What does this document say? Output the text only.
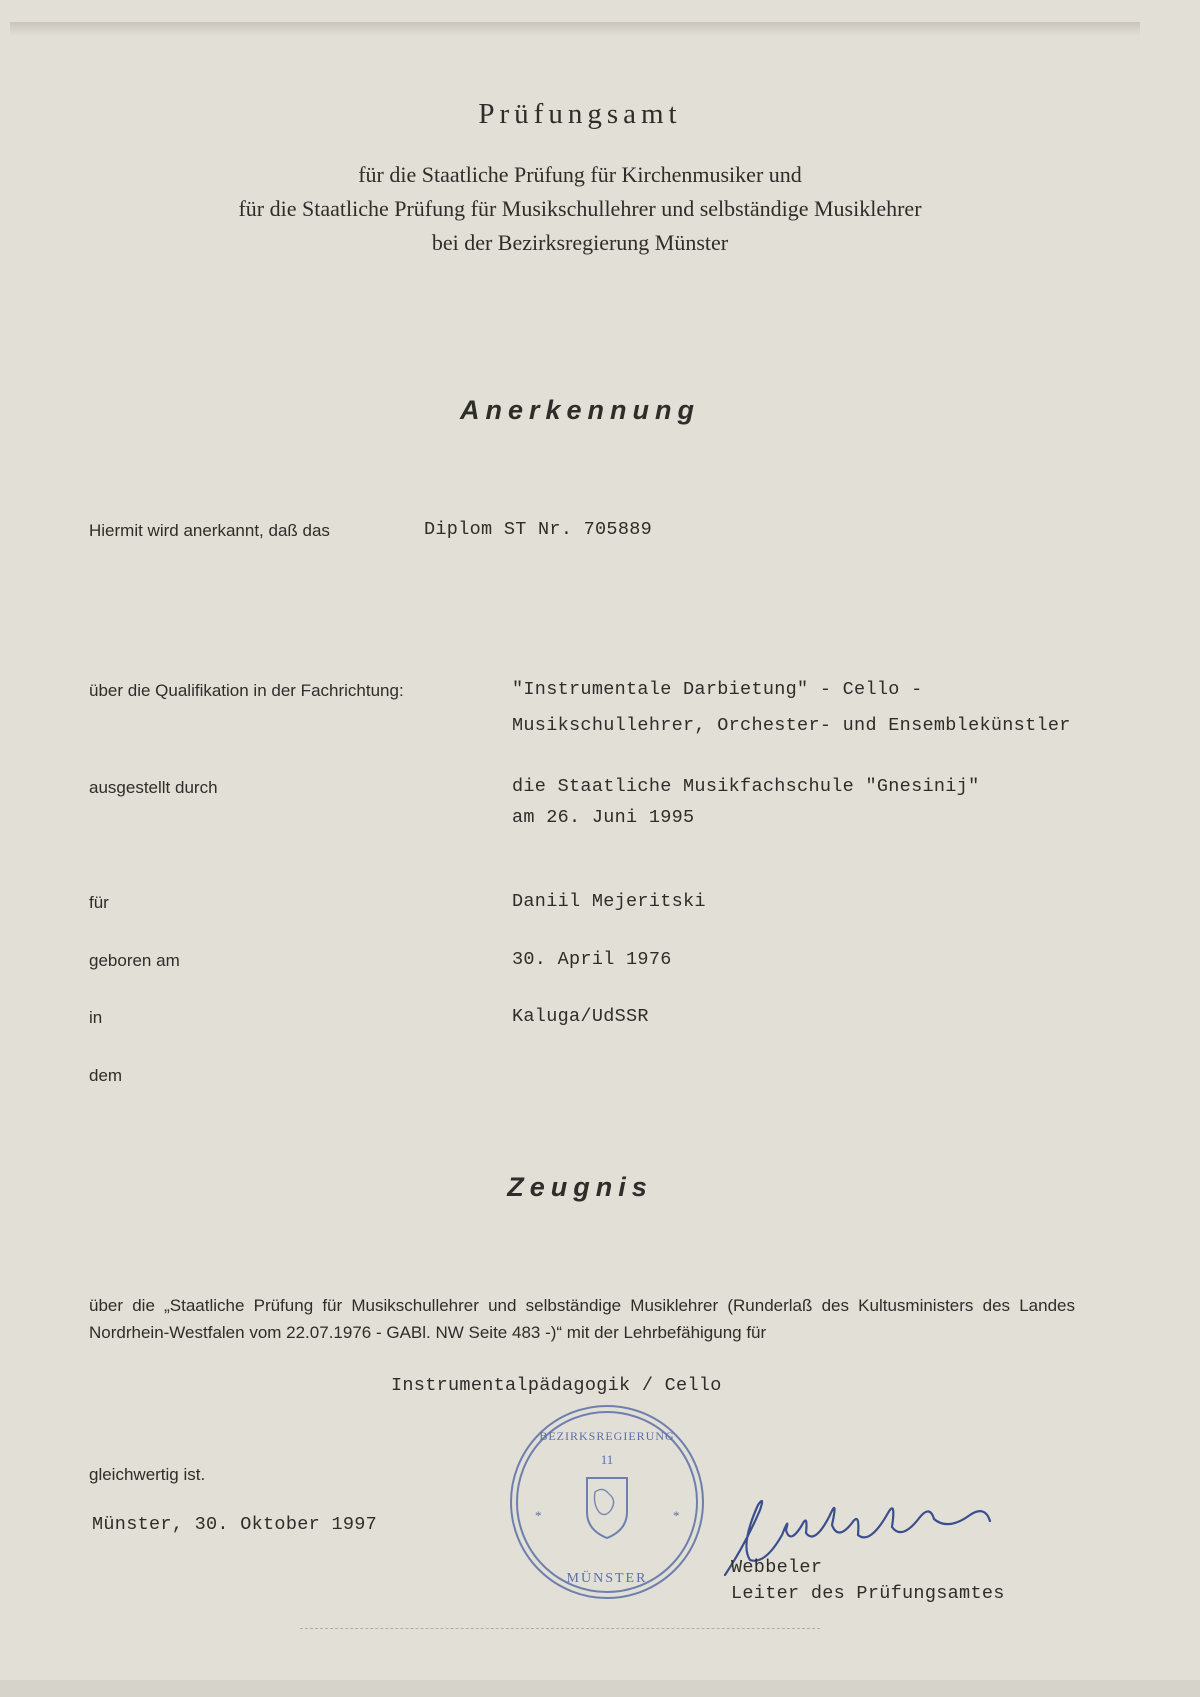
Prüfungsamt
für die Staatliche Prüfung für Kirchenmusiker und
für die Staatliche Prüfung für Musikschullehrer und selbständige Musiklehrer
bei der Bezirksregierung Münster
Anerkennung
Hiermit wird anerkannt, daß das	Diplom ST Nr. 705889
über die Qualifikation in der Fachrichtung:	"Instrumentale Darbietung" - Cello -
Musikschullehrer, Orchester- und Ensemblekünstler
ausgestellt durch	die Staatliche Musikfachschule "Gnesinij"
am 26. Juni 1995
für	Daniil Mejeritski
geboren am	30. April 1976
in	Kaluga/UdSSR
dem
Zeugnis
über die „Staatliche Prüfung für Musikschullehrer und selbständige Musiklehrer (Runderlaß des Kultusministers des Landes Nordrhein-Westfalen vom 22.07.1976 - GABl. NW Seite 483 -)“ mit der Lehrbefähigung für
Instrumentalpädagogik / Cello
gleichwertig ist.
Münster, 30. Oktober 1997
11
BEZIRKSREGIERUNG
MÜNSTER
*	*
Webbeler
Leiter des Prüfungsamtes
